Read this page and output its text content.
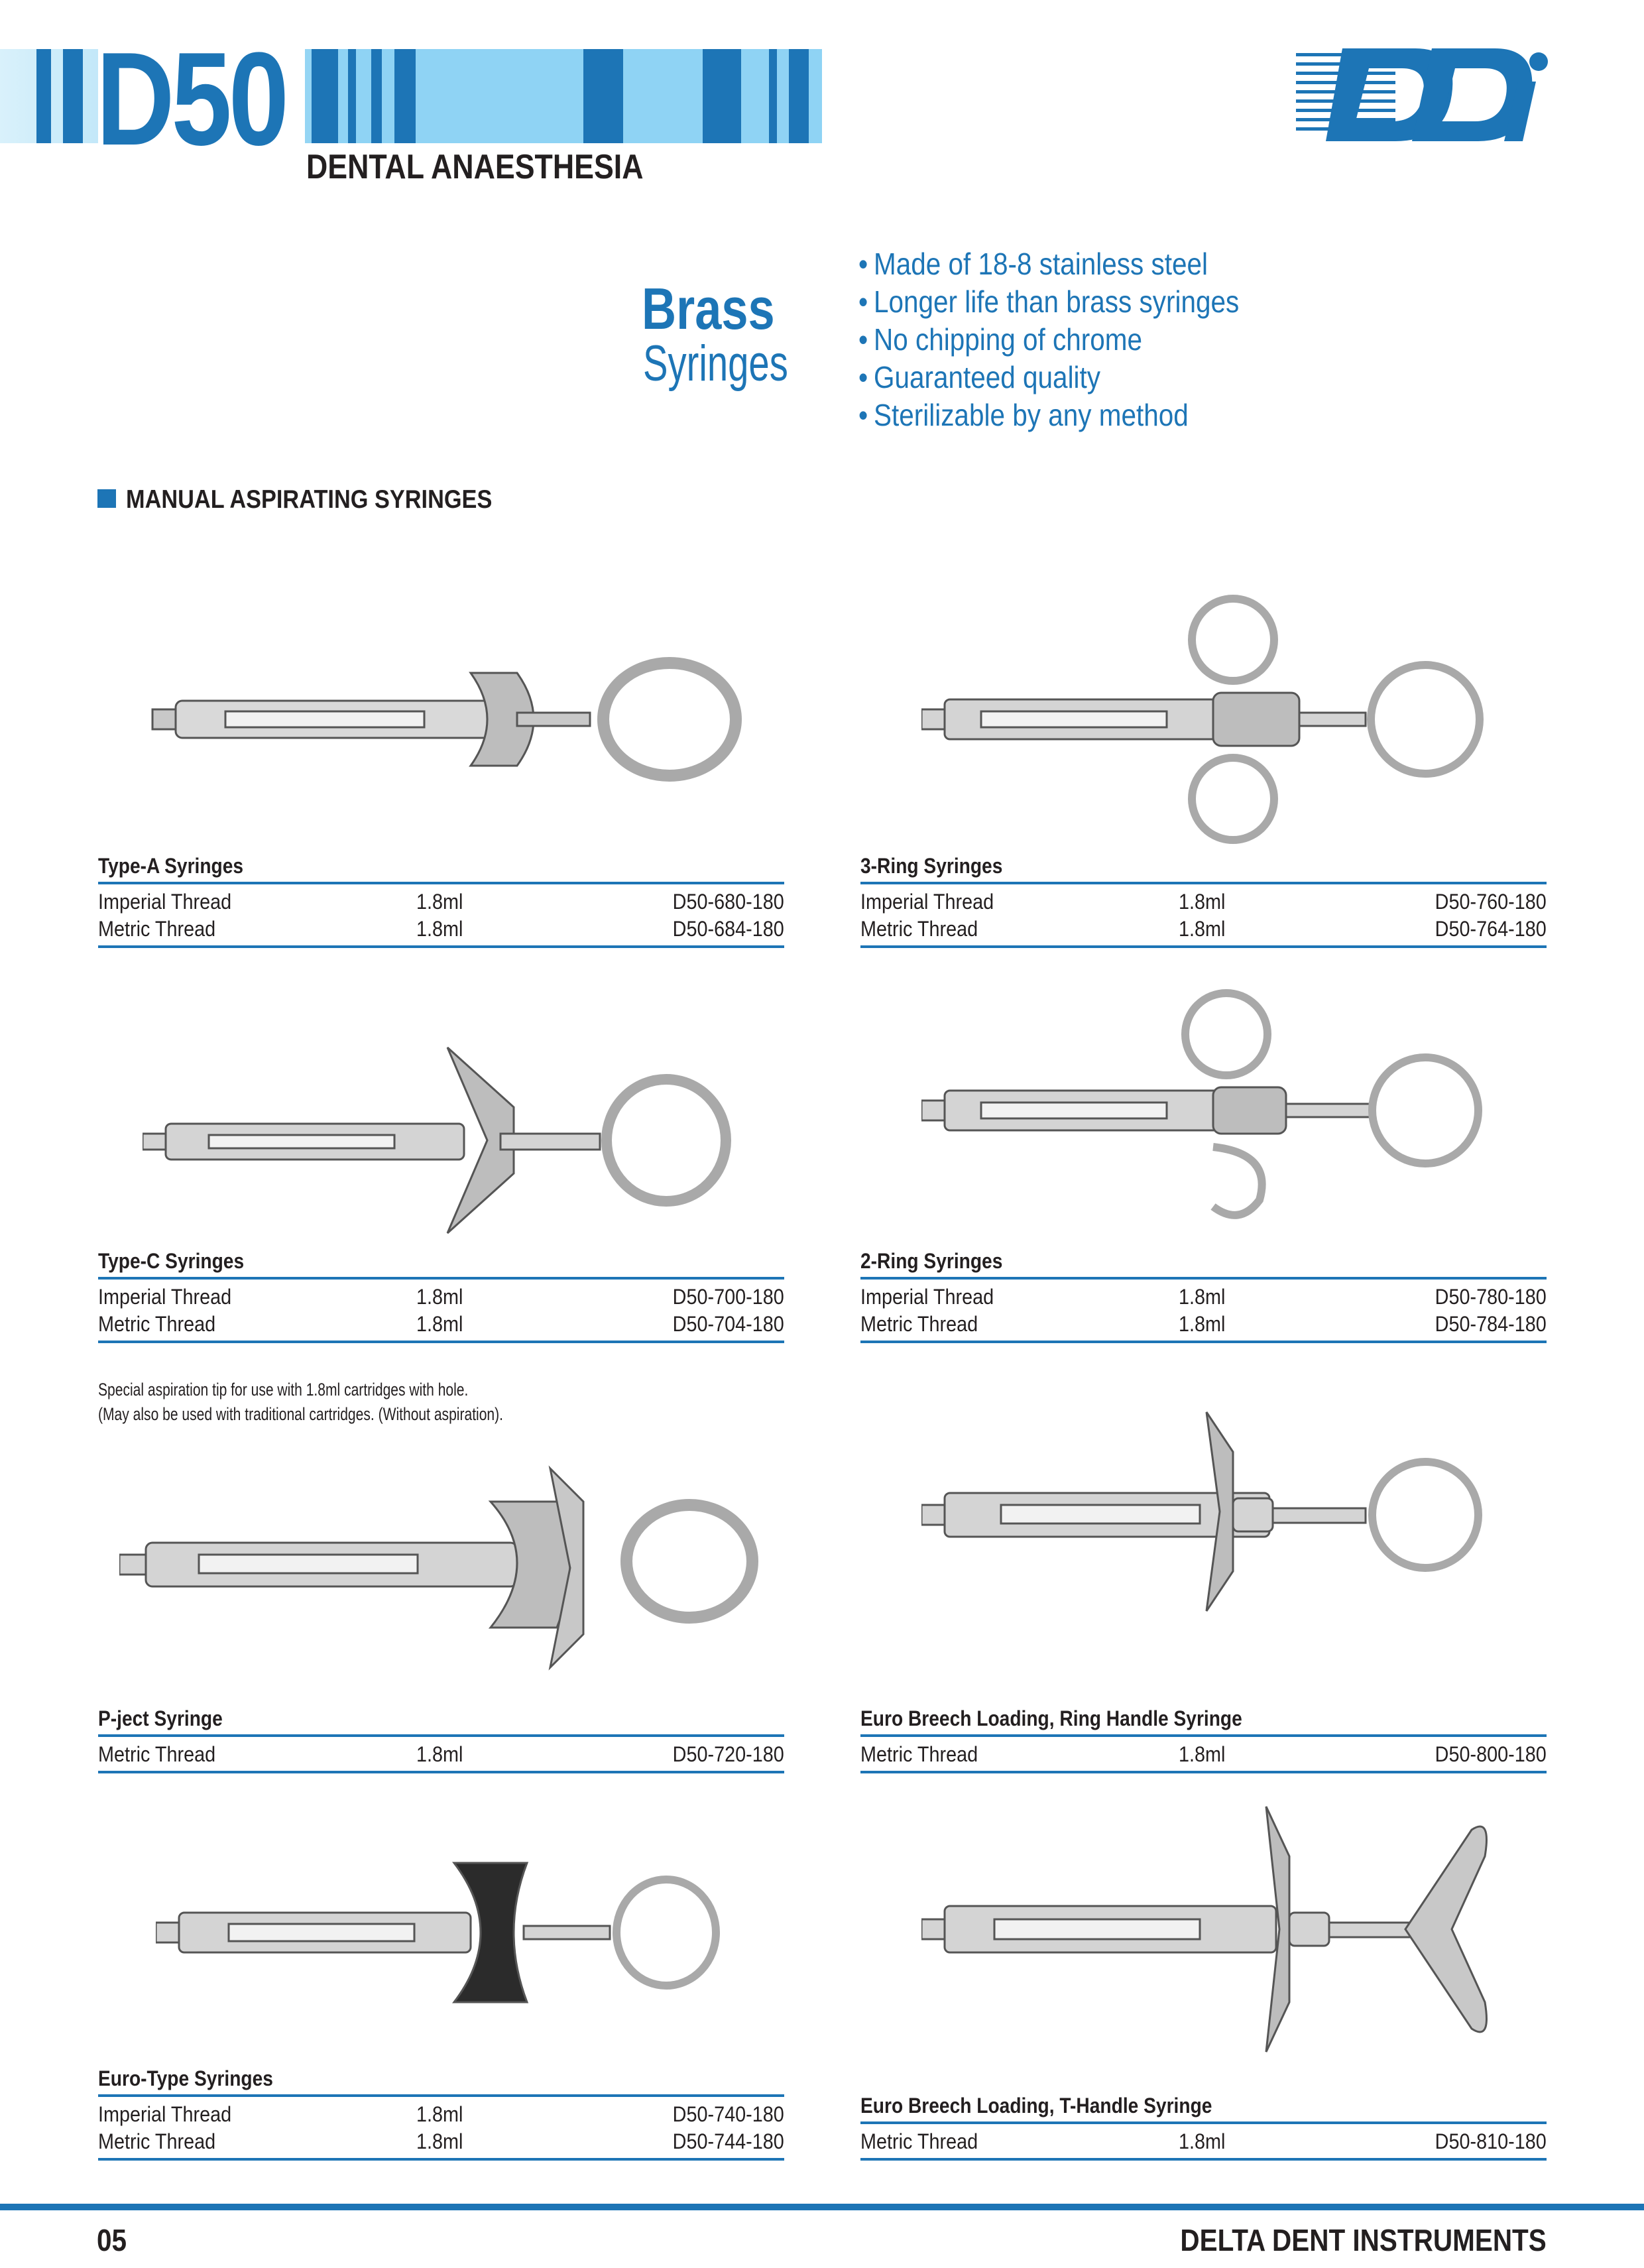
D50 DENTAL ANAESTHESIA
Brass
Syringes
• Made of 18-8 stainless steel
• Longer life than brass syringes
• No chipping of chrome
• Guaranteed quality
• Sterilizable by any method
MANUAL ASPIRATING SYRINGES
Type-A Syringes
Imperial Thread	1.8ml	D50-680-180
Metric Thread	1.8ml	D50-684-180
3-Ring Syringes
Imperial Thread	1.8ml	D50-760-180
Metric Thread	1.8ml	D50-764-180
Type-C Syringes
Imperial Thread	1.8ml	D50-700-180
Metric Thread	1.8ml	D50-704-180
2-Ring Syringes
Imperial Thread	1.8ml	D50-780-180
Metric Thread	1.8ml	D50-784-180
Special aspiration tip for use with 1.8ml cartridges with hole.
(May also be used with traditional cartridges. (Without aspiration).
P-ject Syringe
Metric Thread	1.8ml	D50-720-180
Euro Breech Loading, Ring Handle Syringe
Metric Thread	1.8ml	D50-800-180
Euro-Type Syringes
Imperial Thread	1.8ml	D50-740-180
Metric Thread	1.8ml	D50-744-180
Euro Breech Loading, T-Handle Syringe
Metric Thread	1.8ml	D50-810-180
05	DELTA DENT INSTRUMENTS
